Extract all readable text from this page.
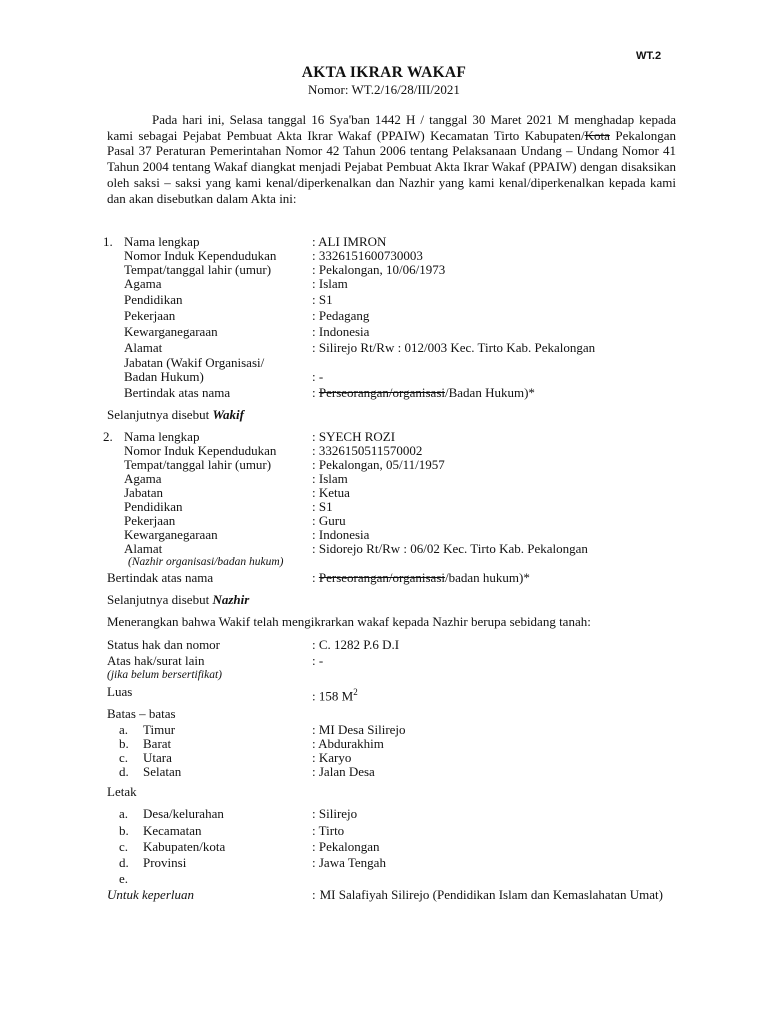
WT.2
AKTA IKRAR WAKAF
Nomor: WT.2/16/28/III/2021

Pada hari ini, Selasa tanggal 16 Sya'ban 1442 H / tanggal 30 Maret 2021 M menghadap kepada kami sebagai Pejabat Pembuat Akta Ikrar Wakaf (PPAIW) Kecamatan Tirto Kabupaten/Kota Pekalongan Pasal 37 Peraturan Pemerintahan Nomor 42 Tahun 2006 tentang Pelaksanaan Undang – Undang Nomor 41 Tahun 2004 tentang Wakaf diangkat menjadi Pejabat Pembuat Akta Ikrar Wakaf (PPAIW) dengan disaksikan oleh saksi – saksi yang kami kenal/diperkenalkan dan Nazhir yang kami kenal/diperkenalkan kepada kami dan akan disebutkan dalam Akta ini:

1. Nama lengkap	: ALI IMRON
Nomor Induk Kependudukan	: 3326151600730003
Tempat/tanggal lahir (umur)	: Pekalongan, 10/06/1973
Agama	: Islam
Pendidikan	: S1
Pekerjaan	: Pedagang
Kewarganegaraan	: Indonesia
Alamat	: Silirejo Rt/Rw : 012/003 Kec. Tirto Kab. Pekalongan
Jabatan (Wakif Organisasi/
Badan Hukum)	: -
Bertindak atas nama	: Perseorangan/organisasi/Badan Hukum)*
Selanjutnya disebut Wakif
2. Nama lengkap	: SYECH ROZI
Nomor Induk Kependudukan	: 3326150511570002
Tempat/tanggal lahir (umur)	: Pekalongan, 05/11/1957
Agama	: Islam
Jabatan	: Ketua
Pendidikan	: S1
Pekerjaan	: Guru
Kewarganegaraan	: Indonesia
Alamat	: Sidorejo Rt/Rw : 06/02 Kec. Tirto Kab. Pekalongan
(Nazhir organisasi/badan hukum)
Bertindak atas nama	: Perseorangan/organisasi/badan hukum)*
Selanjutnya disebut Nazhir
Menerangkan bahwa Wakif telah mengikrarkan wakaf kepada Nazhir berupa sebidang tanah:
Status hak dan nomor	: C. 1282 P.6 D.I
Atas hak/surat lain	: -
(jika belum bersertifikat)
Luas	: 158 $M^2$
Batas – batas
a. Timur	: MI Desa Silirejo
b. Barat	: Abdurakhim
c. Utara	: Karyo
d. Selatan	: Jalan Desa
Letak
a. Desa/kelurahan	: Silirejo
b. Kecamatan	: Tirto
c. Kabupaten/kota	: Pekalongan
d. Provinsi	: Jawa Tengah
e.
Untuk keperluan	: MI Salafiyah Silirejo (Pendidikan Islam dan Kemaslahatan Umat)
